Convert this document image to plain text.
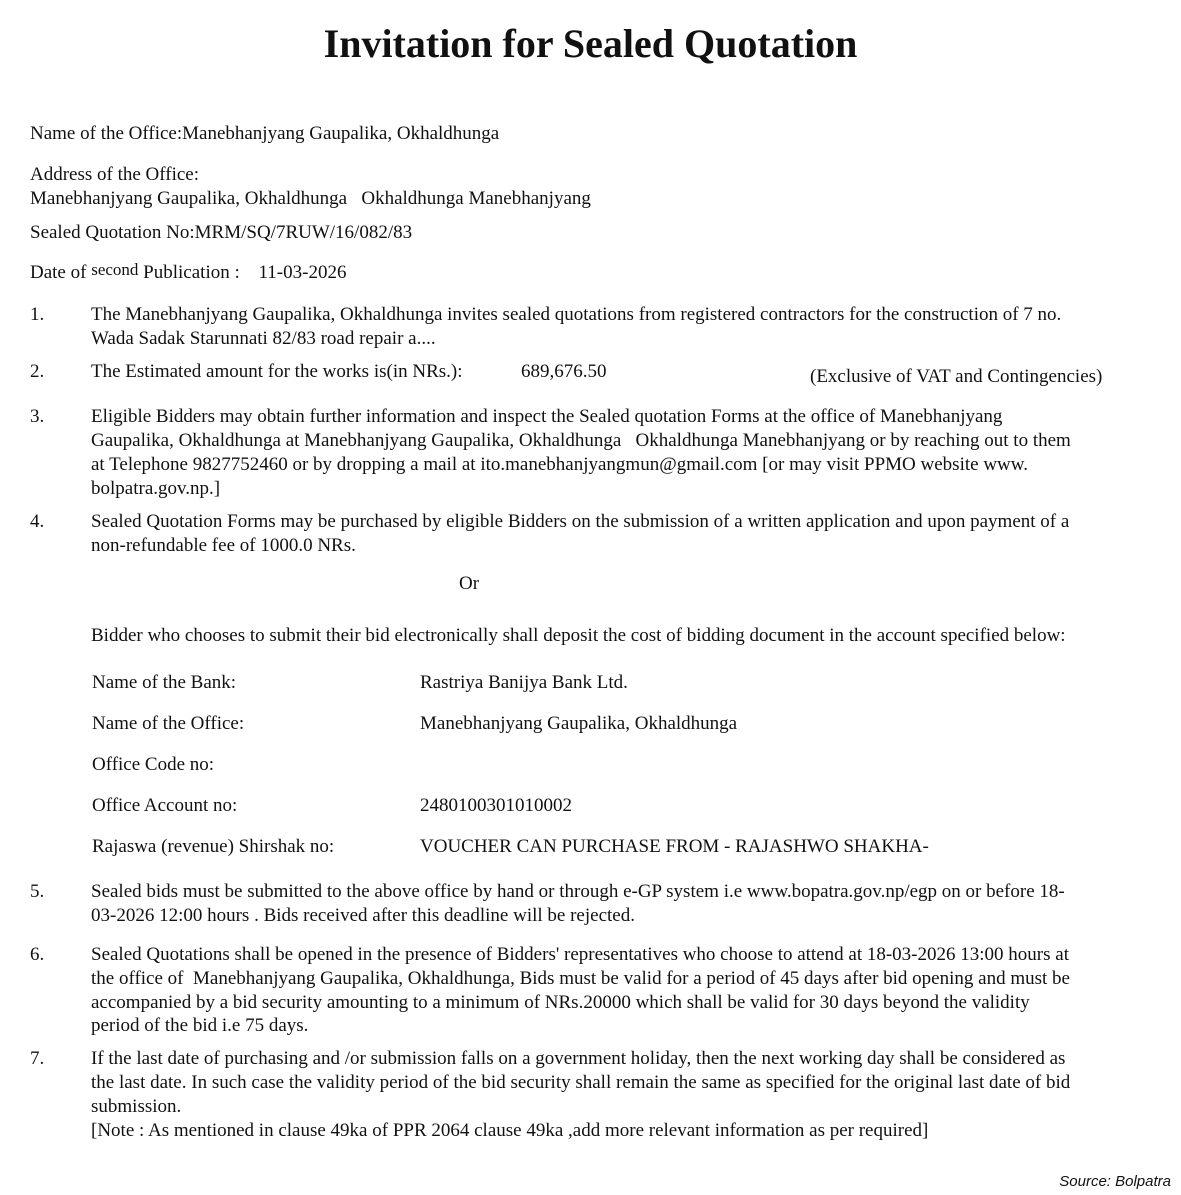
Invitation for Sealed Quotation
Name of the Office:Manebhanjyang Gaupalika, Okhaldhunga
Address of the Office:
Manebhanjyang Gaupalika, Okhaldhunga   Okhaldhunga Manebhanjyang
Sealed Quotation No:MRM/SQ/7RUW/16/082/83
Date of second Publication : 11-03-2026
1. The Manebhanjyang Gaupalika, Okhaldhunga invites sealed quotations from registered contractors for the construction of 7 no.
Wada Sadak Starunnati 82/83 road repair a....
2. The Estimated amount for the works is(in NRs.):	689,676.50	(Exclusive of VAT and Contingencies)
3. Eligible Bidders may obtain further information and inspect the Sealed quotation Forms at the office of Manebhanjyang
Gaupalika, Okhaldhunga at Manebhanjyang Gaupalika, Okhaldhunga   Okhaldhunga Manebhanjyang or by reaching out to them
at Telephone 9827752460 or by dropping a mail at ito.manebhanjyangmun@gmail.com [or may visit PPMO website www.
bolpatra.gov.np.]
4. Sealed Quotation Forms may be purchased by eligible Bidders on the submission of a written application and upon payment of a
non-refundable fee of 1000.0 NRs.
Or
Bidder who chooses to submit their bid electronically shall deposit the cost of bidding document in the account specified below:
Name of the Bank:	Rastriya Banijya Bank Ltd.
Name of the Office:	Manebhanjyang Gaupalika, Okhaldhunga
Office Code no:
Office Account no:	2480100301010002
Rajaswa (revenue) Shirshak no:	VOUCHER CAN PURCHASE FROM - RAJASHWO SHAKHA-
5. Sealed bids must be submitted to the above office by hand or through e-GP system i.e www.bopatra.gov.np/egp on or before 18-
03-2026 12:00 hours . Bids received after this deadline will be rejected.
6. Sealed Quotations shall be opened in the presence of Bidders' representatives who choose to attend at 18-03-2026 13:00 hours at
the office of  Manebhanjyang Gaupalika, Okhaldhunga, Bids must be valid for a period of 45 days after bid opening and must be
accompanied by a bid security amounting to a minimum of NRs.20000 which shall be valid for 30 days beyond the validity
period of the bid i.e 75 days.
7. If the last date of purchasing and /or submission falls on a government holiday, then the next working day shall be considered as
the last date. In such case the validity period of the bid security shall remain the same as specified for the original last date of bid
submission.
[Note : As mentioned in clause 49ka of PPR 2064 clause 49ka ,add more relevant information as per required]
Source: Bolpatra
